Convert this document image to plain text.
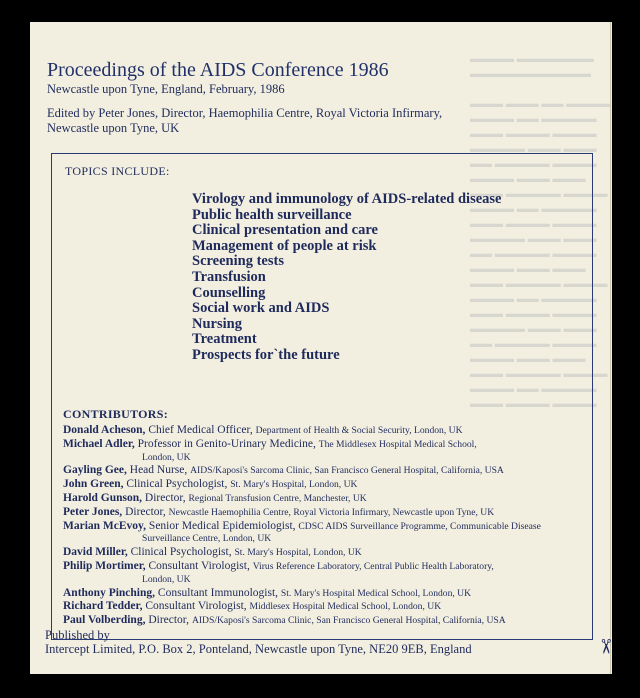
▬▬▬▬ ▬▬▬▬▬▬▬
▬▬▬▬▬▬▬▬▬▬▬

▬▬▬ ▬▬▬ ▬▬ ▬▬▬▬
▬▬▬▬ ▬▬ ▬▬▬▬▬
▬▬▬ ▬▬▬▬ ▬▬▬▬
▬▬▬▬▬ ▬▬▬ ▬▬▬
▬▬ ▬▬▬▬▬ ▬▬▬▬
▬▬▬▬ ▬▬▬ ▬▬▬
▬▬▬ ▬▬▬▬▬ ▬▬▬▬
▬▬▬▬ ▬▬ ▬▬▬▬▬
▬▬▬ ▬▬▬▬ ▬▬▬▬
▬▬▬▬▬ ▬▬▬ ▬▬▬
▬▬ ▬▬▬▬▬ ▬▬▬▬
▬▬▬▬ ▬▬▬ ▬▬▬
▬▬▬ ▬▬▬▬▬ ▬▬▬▬
▬▬▬▬ ▬▬ ▬▬▬▬▬
▬▬▬ ▬▬▬▬ ▬▬▬▬
▬▬▬▬▬ ▬▬▬ ▬▬▬
▬▬ ▬▬▬▬▬ ▬▬▬▬
▬▬▬▬ ▬▬▬ ▬▬▬
▬▬▬ ▬▬▬▬▬ ▬▬▬▬
▬▬▬▬ ▬▬ ▬▬▬▬▬
▬▬▬ ▬▬▬▬ ▬▬▬▬
Proceedings of the AIDS Conference 1986
Newcastle upon Tyne, England, February, 1986
Edited by Peter Jones, Director, Haemophilia Centre, Royal Victoria Infirmary,
Newcastle upon Tyne, UK
TOPICS INCLUDE:
Virology and immunology of AIDS-related disease
Public health surveillance
Clinical presentation and care
Management of people at risk
Screening tests
Transfusion
Counselling
Social work and AIDS
Nursing
Treatment
Prospects for`the future
CONTRIBUTORS:
Donald Acheson, Chief Medical Officer, Department of Health & Social Security, London, UK
Michael Adler, Professor in Genito-Urinary Medicine, The Middlesex Hospital Medical School,
London, UK
Gayling Gee, Head Nurse, AIDS/Kaposi's Sarcoma Clinic, San Francisco General Hospital, California, USA
John Green, Clinical Psychologist, St. Mary's Hospital, London, UK
Harold Gunson, Director, Regional Transfusion Centre, Manchester, UK
Peter Jones, Director, Newcastle Haemophilia Centre, Royal Victoria Infirmary, Newcastle upon Tyne, UK
Marian McEvoy, Senior Medical Epidemiologist, CDSC AIDS Surveillance Programme, Communicable Disease
Surveillance Centre, London, UK
David Miller, Clinical Psychologist, St. Mary's Hospital, London, UK
Philip Mortimer, Consultant Virologist, Virus Reference Laboratory, Central Public Health Laboratory,
London, UK
Anthony Pinching, Consultant Immunologist, St. Mary's Hospital Medical School, London, UK
Richard Tedder, Consultant Virologist, Middlesex Hospital Medical School, London, UK
Paul Volberding, Director, AIDS/Kaposi's Sarcoma Clinic, San Francisco General Hospital, California, USA
Published by
Intercept Limited, P.O. Box 2, Ponteland, Newcastle upon Tyne, NE20 9EB, England	✂
